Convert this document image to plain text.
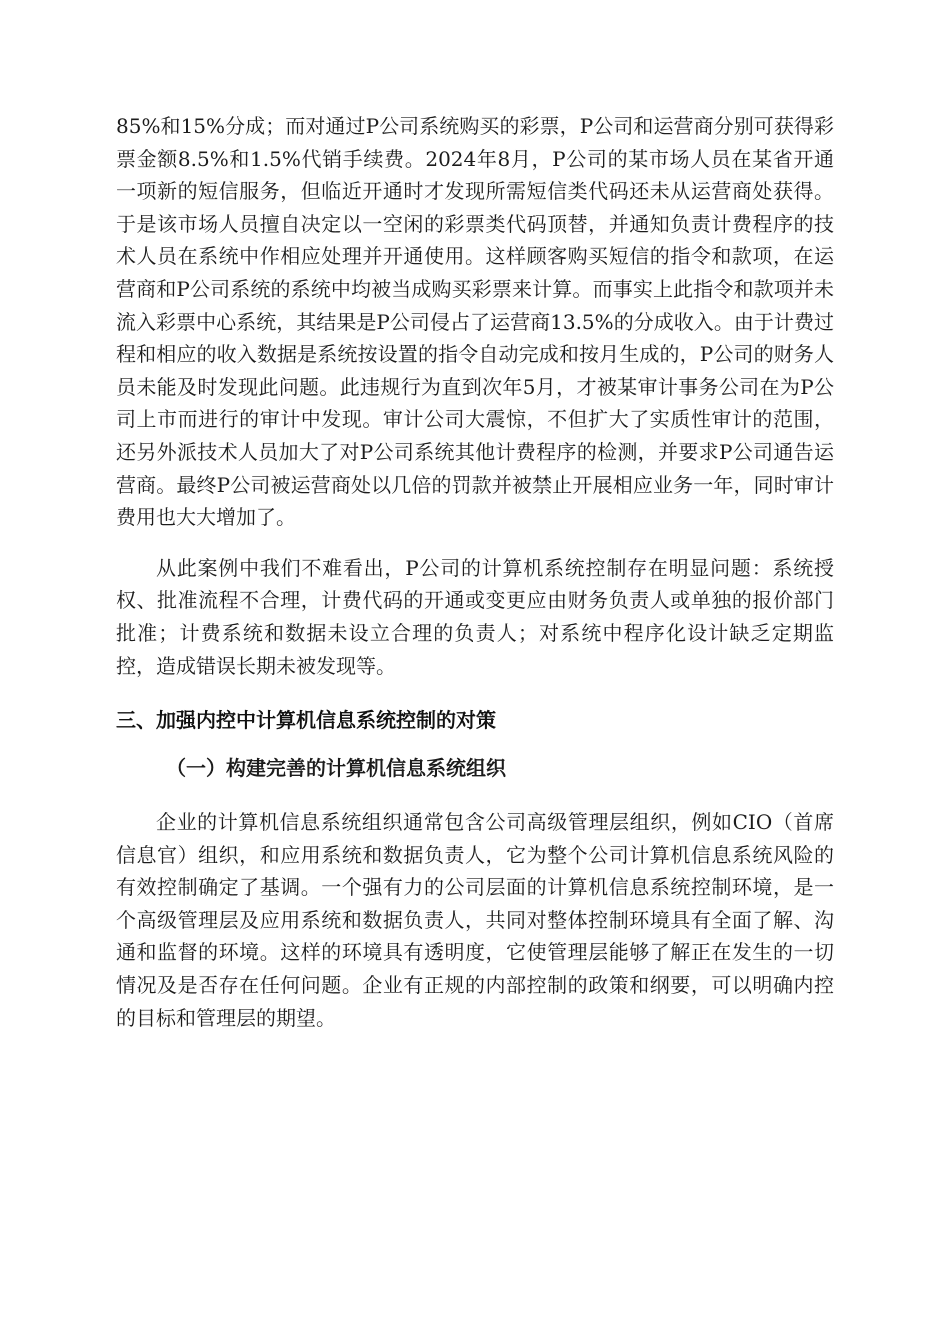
85%和15%分成；而对通过P公司系统购买的彩票，P公司和运营商分别可获得彩票金额8.5%和1.5%代销手续费。2024年8月，P公司的某市场人员在某省开通一项新的短信服务，但临近开通时才发现所需短信类代码还未从运营商处获得。于是该市场人员擅自决定以一空闲的彩票类代码顶替，并通知负责计费程序的技术人员在系统中作相应处理并开通使用。这样顾客购买短信的指令和款项，在运营商和P公司系统的系统中均被当成购买彩票来计算。而事实上此指令和款项并未流入彩票中心系统，其结果是P公司侵占了运营商13.5%的分成收入。由于计费过程和相应的收入数据是系统按设置的指令自动完成和按月生成的，P公司的财务人员未能及时发现此问题。此违规行为直到次年5月，才被某审计事务公司在为P公司上市而进行的审计中发现。审计公司大震惊，不但扩大了实质性审计的范围，还另外派技术人员加大了对P公司系统其他计费程序的检测，并要求P公司通告运营商。最终P公司被运营商处以几倍的罚款并被禁止开展相应业务一年，同时审计费用也大大增加了。

从此案例中我们不难看出，P公司的计算机系统控制存在明显问题：系统授权、批准流程不合理，计费代码的开通或变更应由财务负责人或单独的报价部门批准；计费系统和数据未设立合理的负责人；对系统中程序化设计缺乏定期监控，造成错误长期未被发现等。

三、加强内控中计算机信息系统控制的对策
（一）构建完善的计算机信息系统组织

企业的计算机信息系统组织通常包含公司高级管理层组织，例如CIO（首席信息官）组织，和应用系统和数据负责人，它为整个公司计算机信息系统风险的有效控制确定了基调。一个强有力的公司层面的计算机信息系统控制环境，是一个高级管理层及应用系统和数据负责人，共同对整体控制环境具有全面了解、沟通和监督的环境。这样的环境具有透明度，它使管理层能够了解正在发生的一切情况及是否存在任何问题。企业有正规的内部控制的政策和纲要，可以明确内控的目标和管理层的期望。
